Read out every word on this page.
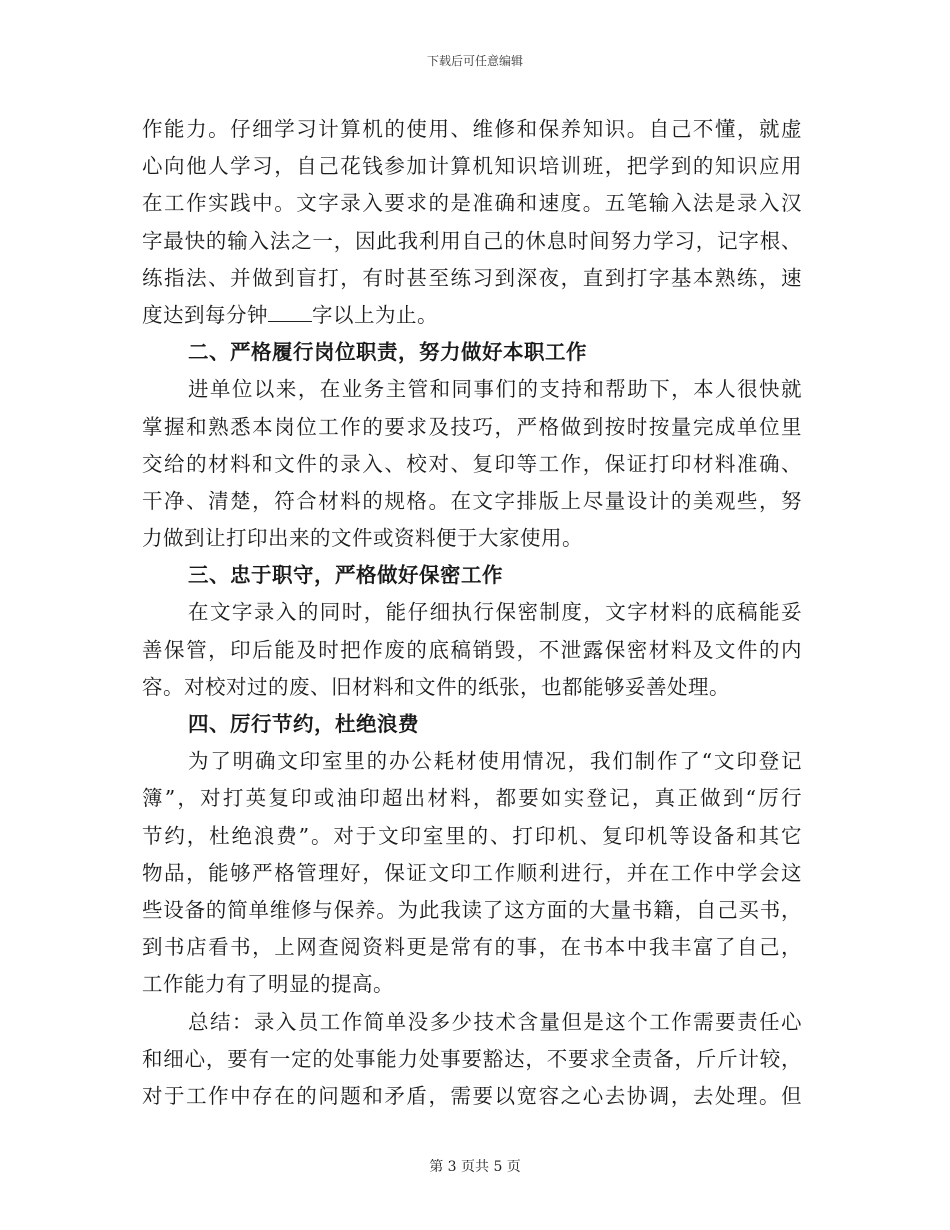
下载后可任意编辑
作能力。仔细学习计算机的使用、维修和保养知识。自己不懂，就虚
心向他人学习，自己花钱参加计算机知识培训班，把学到的知识应用
在工作实践中。文字录入要求的是准确和速度。五笔输入法是录入汉
字最快的输入法之一，因此我利用自己的休息时间努力学习，记字根、
练指法、并做到盲打，有时甚至练习到深夜，直到打字基本熟练，速
度达到每分钟 字以上为止。
二、严格履行岗位职责，努力做好本职工作
进单位以来，在业务主管和同事们的支持和帮助下，本人很快就
掌握和熟悉本岗位工作的要求及技巧，严格做到按时按量完成单位里
交给的材料和文件的录入、校对、复印等工作，保证打印材料准确、
干净、清楚，符合材料的规格。在文字排版上尽量设计的美观些，努
力做到让打印出来的文件或资料便于大家使用。
三、忠于职守，严格做好保密工作
在文字录入的同时，能仔细执行保密制度，文字材料的底稿能妥
善保管，印后能及时把作废的底稿销毁，不泄露保密材料及文件的内
容。对校对过的废、旧材料和文件的纸张，也都能够妥善处理。
四、厉行节约，杜绝浪费
为了明确文印室里的办公耗材使用情况，我们制作了“文印登记
簿”，对打英复印或油印超出材料，都要如实登记，真正做到“厉行
节约，杜绝浪费”。对于文印室里的、打印机、复印机等设备和其它
物品，能够严格管理好，保证文印工作顺利进行，并在工作中学会这
些设备的简单维修与保养。为此我读了这方面的大量书籍，自己买书，
到书店看书，上网查阅资料更是常有的事，在书本中我丰富了自己，
工作能力有了明显的提高。
总结：录入员工作简单没多少技术含量但是这个工作需要责任心
和细心，要有一定的处事能力处事要豁达，不要求全责备，斤斤计较，
对于工作中存在的问题和矛盾，需要以宽容之心去协调，去处理。但
第 3 页共 5 页
